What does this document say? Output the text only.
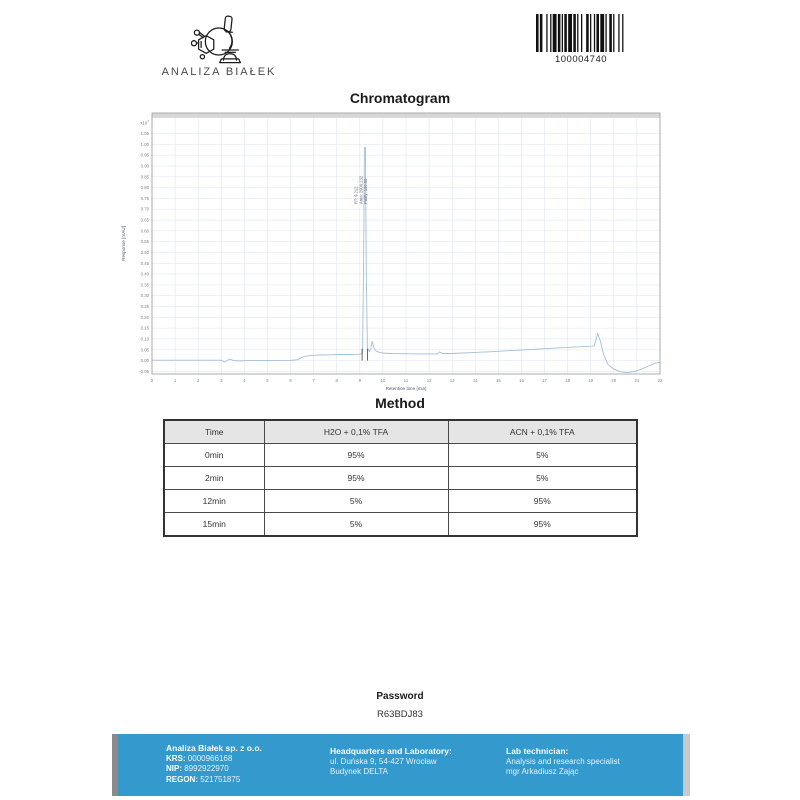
ANALIZA BIAŁEK
100004740
Chromatogram
1.05
1.00
0.95
0.90
0.85
0.80
0.75
0.70
0.65
0.60
0.55
0.50
0.45
0.40
0.35
0.30
0.25
0.20
0.15
0.10
0.05
0.00
-0.05
$x10^7$
0	1	2	3	4	5	6	7	8	9	10	11	12	13	14	15	16	17	18	19	20	21	22
Retention time [min]
Response [mAU]
RT: 9.212 Area: 2906.232 Purity: 100.00
Method
Time	H2O + 0,1% TFA	ACN + 0,1% TFA
0min	95%	5%
2min	95%	5%
12min	5%	95%
15min	5%	95%
Password
R63BDJ83
Analiza Białek sp. z o.o.
KRS: 0000966168
NIP: 8992922970
REGON: 521751875
Headquarters and Laboratory:
ul. Duńska 9, 54-427 Wrocław
Budynek DELTA
Lab technician:
Analysis and research specialist
mgr Arkadiusz Zając
